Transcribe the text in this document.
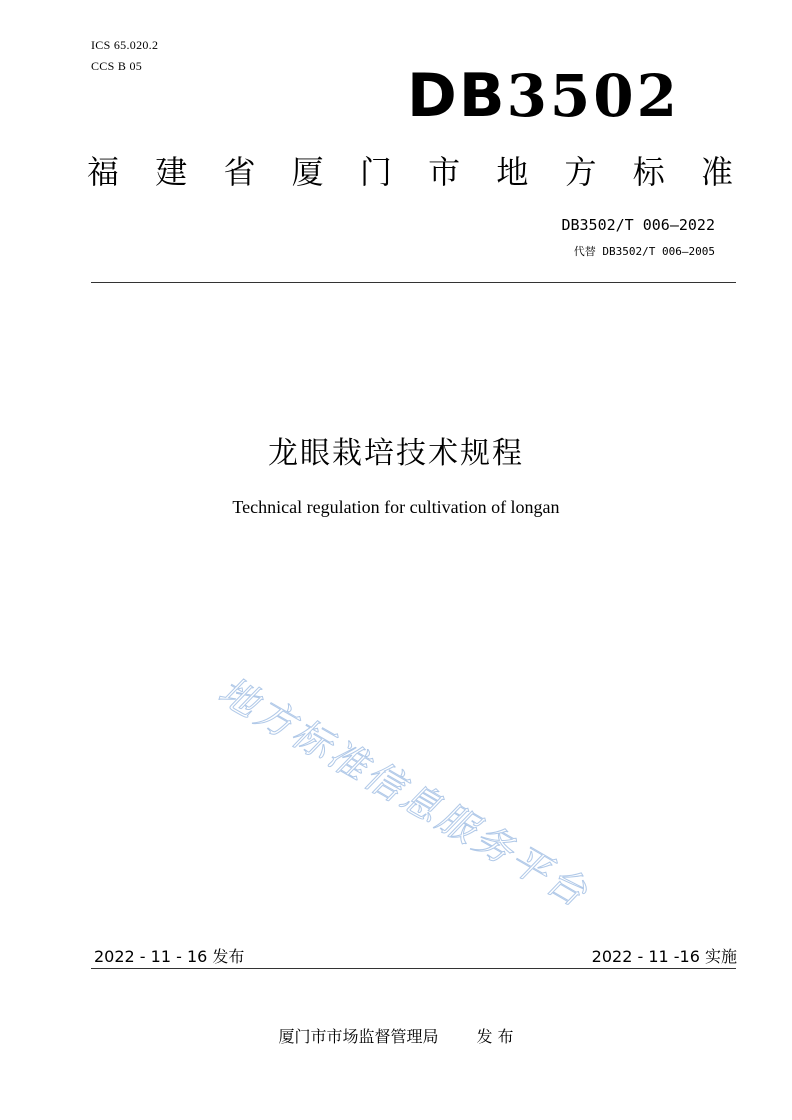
ICS 65.020.2
CCS B 05	DB3502
福 建 省 厦 门 市 地 方 标 准
DB3502/T 006—2022
代替 DB3502/T 006—2005
龙眼栽培技术规程
Technical regulation for cultivation of longan
地方标准信息服务平台
2022 - 11 - 16 发布	2022 - 11 -16 实施
厦门市市场监督管理局 发 布
